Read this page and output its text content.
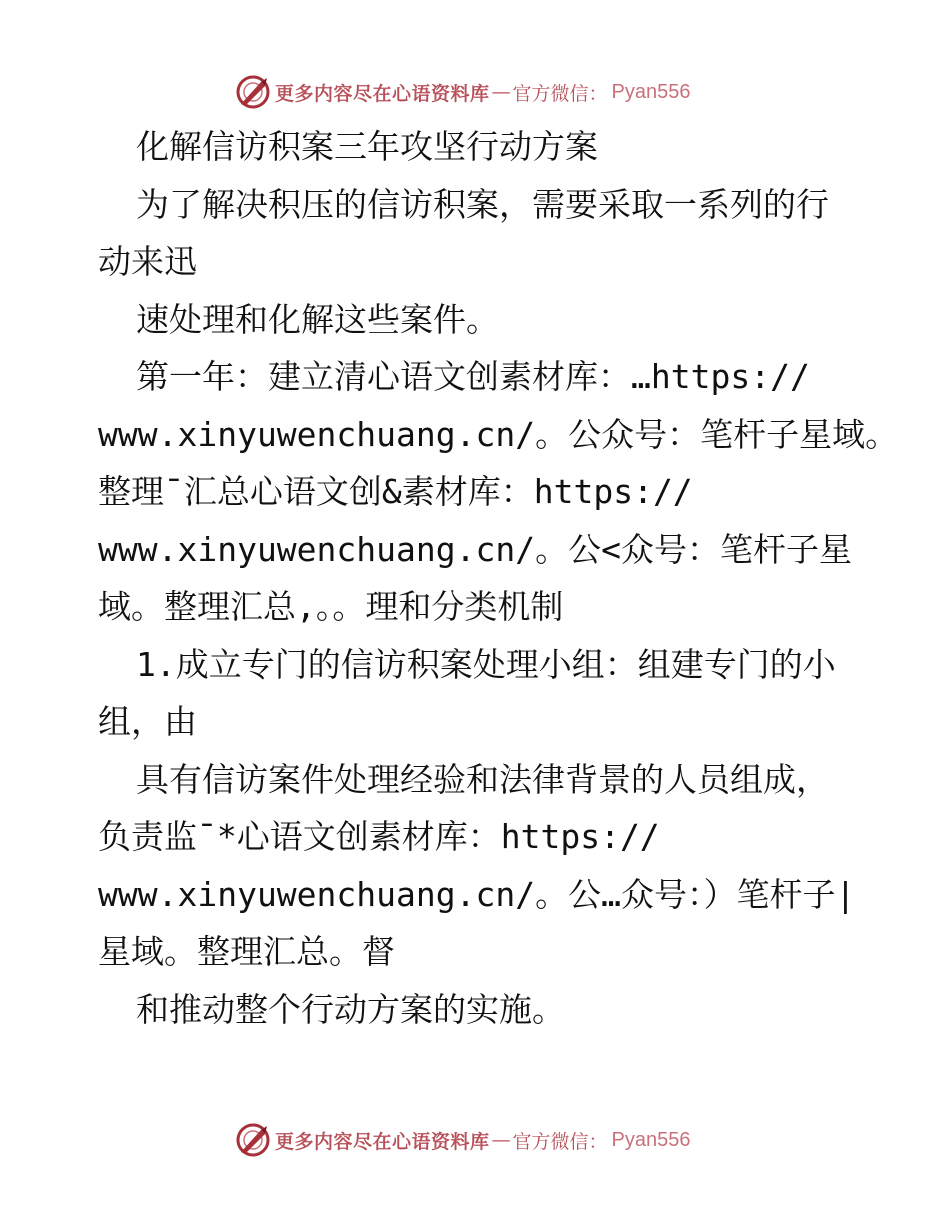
更多内容尽在心语资料库 — 官方微信： Pyan556
化解信访积案三年攻坚行动方案
为了解决积压的信访积案，需要采取一系列的行
动来迅
速处理和化解这些案件。
第一年：建立清心语文创素材库：…https://
www.xinyuwenchuang.cn/。公众号：笔杆子星域。
整理¯汇总心语文创&素材库：https://
www.xinyuwenchuang.cn/。公<众号：笔杆子星
域。整理汇总,。。理和分类机制
1.成立专门的信访积案处理小组：组建专门的小
组，由
具有信访案件处理经验和法律背景的人员组成，
负责监¯*心语文创素材库：https://
www.xinyuwenchuang.cn/。公…众号：）笔杆子|
星域。整理汇总。督
和推动整个行动方案的实施。
更多内容尽在心语资料库 — 官方微信： Pyan556
